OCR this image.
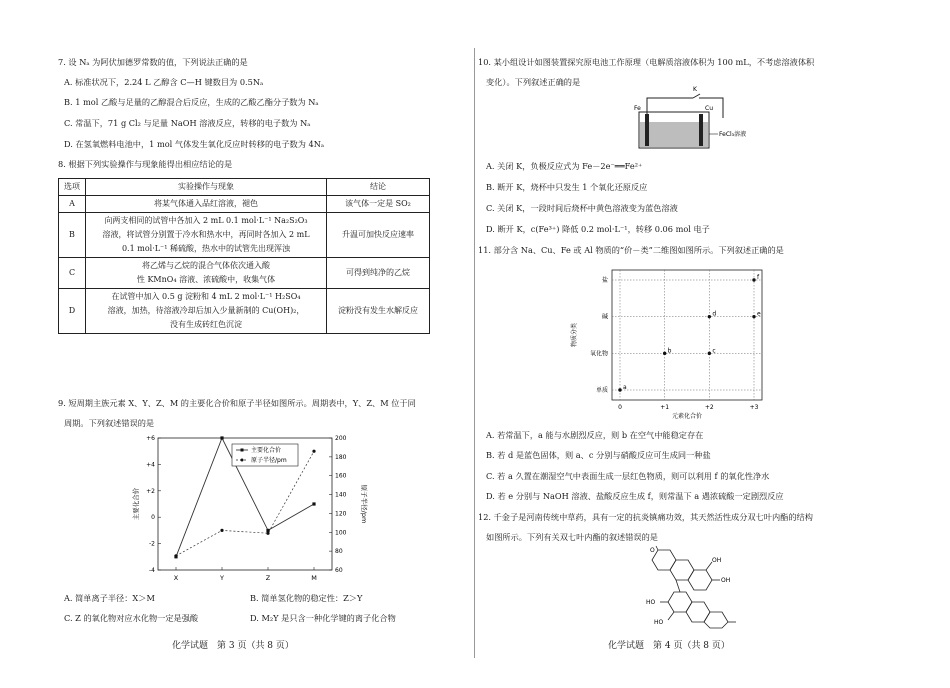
7. 设 Nₐ 为阿伏加德罗常数的值，下列说法正确的是
A. 标准状况下，2.24 L 乙醇含 C—H 键数目为 0.5Nₐ
B. 1 mol 乙酸与足量的乙醇混合后反应，生成的乙酸乙酯分子数为 Nₐ
C. 常温下，71 g Cl₂ 与足量 NaOH 溶液反应，转移的电子数为 Nₐ
D. 在氢氧燃料电池中，1 mol 气体发生氧化反应时转移的电子数为 4Nₐ
8. 根据下列实验操作与现象能得出相应结论的是
选项	实验操作与现象	结论
A	将某气体通入品红溶液，褪色	该气体一定是 SO₂
B	向两支相同的试管中各加入 2 mL 0.1 mol·L⁻¹ Na₂S₂O₃
溶液，将试管分别置于冷水和热水中，再同时各加入 2 mL
0.1 mol·L⁻¹ 稀硫酸，热水中的试管先出现浑浊	升温可加快反应速率
C	将乙烯与乙烷的混合气体依次通入酸
性 KMnO₄ 溶液、浓硫酸中，收集气体	可得到纯净的乙烷
D	在试管中加入 0.5 g 淀粉和 4 mL 2 mol·L⁻¹ H₂SO₄
溶液，加热，待溶液冷却后加入少量新制的 Cu(OH)₂，
没有生成砖红色沉淀	淀粉没有发生水解反应
9. 短周期主族元素 X、Y、Z、M 的主要化合价和原子半径如图所示。周期表中，Y、Z、M 位于同
周期。下列叙述错误的是
+6
+4
+2
0
-2
-4
200
180
160
140
120
100
80
60
X	Y	Z	M
主要化合价	原子半径/pm
主要化合价
原子半径/pm
A. 简单离子半径：X＞M	B. 简单氢化物的稳定性：Z＞Y
C. Z 的氧化物对应水化物一定是强酸	D. M₂Y 是只含一种化学键的离子化合物
化学试题　第 3 页（共 8 页）
10. 某小组设计如图装置探究原电池工作原理（电解质溶液体积为 100 mL，不考虑溶液体积
变化）。下列叙述正确的是
K
Fe	Cu
FeCl₃溶液
A. 关闭 K，负极反应式为 Fe－2e⁻══Fe²⁺
B. 断开 K，烧杯中只发生 1 个氧化还原反应
C. 关闭 K，一段时间后烧杯中黄色溶液变为蓝色溶液
D. 断开 K，c(Fe³⁺) 降低 0.2 mol·L⁻¹，转移 0.06 mol 电子
11. 部分含 Na、Cu、Fe 或 Al 物质的“价－类”二维图如图所示。下列叙述正确的是
0	+1	+2	+3
盐
碱
氧化物
单质
元素化合价
物质分类
a
b	c
d	e
f
A. 若常温下，a 能与水剧烈反应，则 b 在空气中能稳定存在
B. 若 d 是蓝色固体，则 a、c 分别与硝酸反应可生成同一种盐
C. 若 a 久置在潮湿空气中表面生成一层红色物质，则可以利用 f 的氧化性净水
D. 若 e 分别与 NaOH 溶液、盐酸反应生成 f，则常温下 a 遇浓硫酸一定剧烈反应
12. 千金子是河南传统中草药，具有一定的抗炎镇痛功效，其天然活性成分双七叶内酯的结构
如图所示。下列有关双七叶内酯的叙述错误的是
O
OH
OH
HO
HO
化学试题　第 4 页（共 8 页）
